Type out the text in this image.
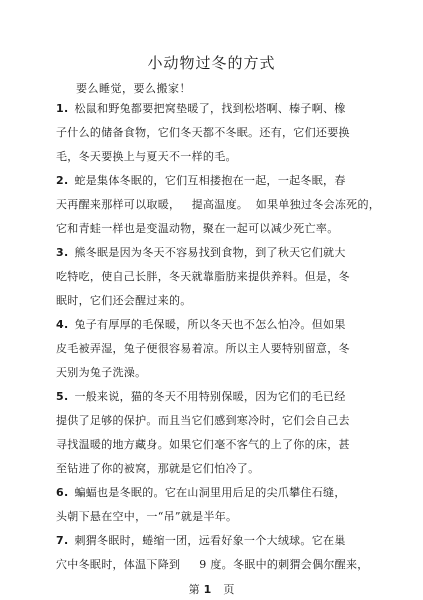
小动物过冬的方式
要么睡觉，要么搬家！
1. 松鼠和野兔都要把窝垫暖了，找到松塔啊、榛子啊、橡
子什么的储备食物，它们冬天都不冬眠。还有，它们还要换
毛，冬天要换上与夏天不一样的毛。
2. 蛇是集体冬眠的，它们互相搂抱在一起，一起冬眠，春
天再醒来那样可以取暖，   提高温度。  如果单独过冬会冻死的，
它和青蛙一样也是变温动物，聚在一起可以减少死亡率。
3. 熊冬眠是因为冬天不容易找到食物，到了秋天它们就大
吃特吃，使自己长胖，冬天就靠脂肪来提供养料。但是，冬
眠时，它们还会醒过来的。
4. 兔子有厚厚的毛保暖，所以冬天也不怎么怕冷。但如果
皮毛被弄湿，兔子便很容易着凉。所以主人要特别留意，冬
天别为兔子洗澡。
5. 一般来说，猫的冬天不用特别保暖，因为它们的毛已经
提供了足够的保护。而且当它们感到寒冷时，它们会自己去
寻找温暖的地方藏身。如果它们毫不客气的上了你的床，甚
至钻进了你的被窝，那就是它们怕冷了。
6. 蝙蝠也是冬眠的。它在山洞里用后足的尖爪攀住石缝，
头朝下悬在空中，一“吊”就是半年。
7. 刺猬冬眠时，蜷缩一团，远看好象一个大绒球。它在巢
穴中冬眠时，体温下降到     9 度。冬眠中的刺猬会偶尔醒来，
第 1 页
